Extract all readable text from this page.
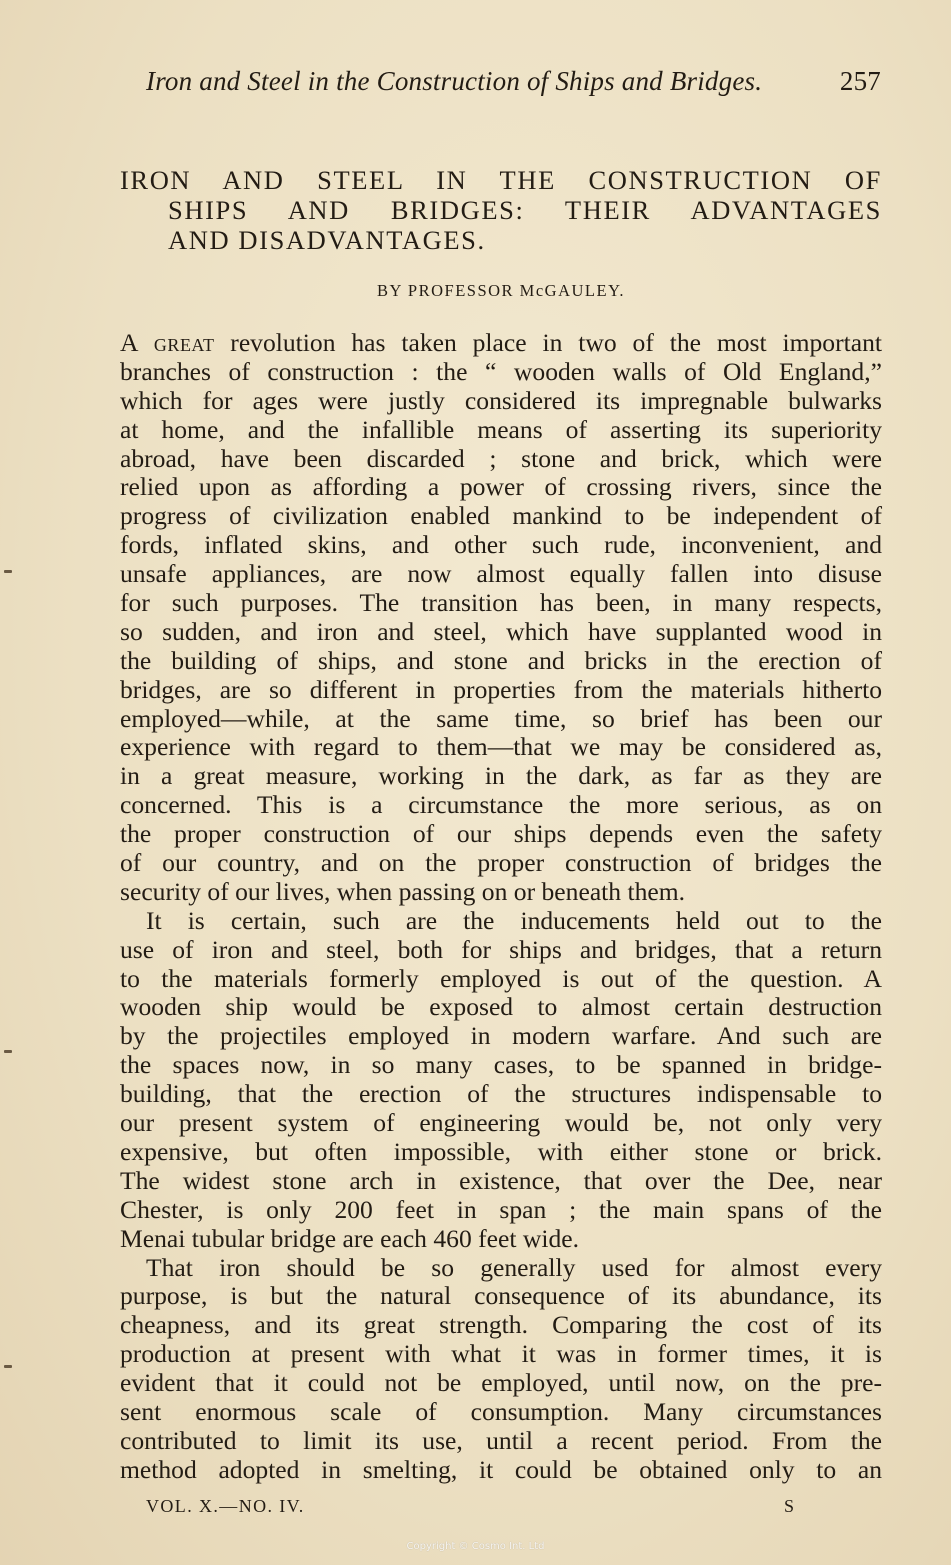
Iron and Steel in the Construction of Ships and Bridges.	257
IRON AND STEEL IN THE CONSTRUCTION OF
SHIPS AND BRIDGES: THEIR ADVANTAGES
AND DISADVANTAGES.
BY PROFESSOR McGAULEY.
A great revolution has taken place in two of the most important
branches of construction : the “ wooden walls of Old England,”
which for ages were justly considered its impregnable bulwarks
at home, and the infallible means of asserting its superiority
abroad, have been discarded ; stone and brick, which were
relied upon as affording a power of crossing rivers, since the
progress of civilization enabled mankind to be independent of
fords, inflated skins, and other such rude, inconvenient, and
unsafe appliances, are now almost equally fallen into disuse
for such purposes. The transition has been, in many respects,
so sudden, and iron and steel, which have supplanted wood in
the building of ships, and stone and bricks in the erection of
bridges, are so different in properties from the materials hitherto
employed—while, at the same time, so brief has been our
experience with regard to them—that we may be considered as,
in a great measure, working in the dark, as far as they are
concerned. This is a circumstance the more serious, as on
the proper construction of our ships depends even the safety
of our country, and on the proper construction of bridges the
security of our lives, when passing on or beneath them.
It is certain, such are the inducements held out to the
use of iron and steel, both for ships and bridges, that a return
to the materials formerly employed is out of the question. A
wooden ship would be exposed to almost certain destruction
by the projectiles employed in modern warfare. And such are
the spaces now, in so many cases, to be spanned in bridge-
building, that the erection of the structures indispensable to
our present system of engineering would be, not only very
expensive, but often impossible, with either stone or brick.
The widest stone arch in existence, that over the Dee, near
Chester, is only 200 feet in span ; the main spans of the
Menai tubular bridge are each 460 feet wide.
That iron should be so generally used for almost every
purpose, is but the natural consequence of its abundance, its
cheapness, and its great strength. Comparing the cost of its
production at present with what it was in former times, it is
evident that it could not be employed, until now, on the pre-
sent enormous scale of consumption. Many circumstances
contributed to limit its use, until a recent period. From the
method adopted in smelting, it could be obtained only to an
VOL. X.—NO. IV.	S
Copyright © Cosmo Int. Ltd
